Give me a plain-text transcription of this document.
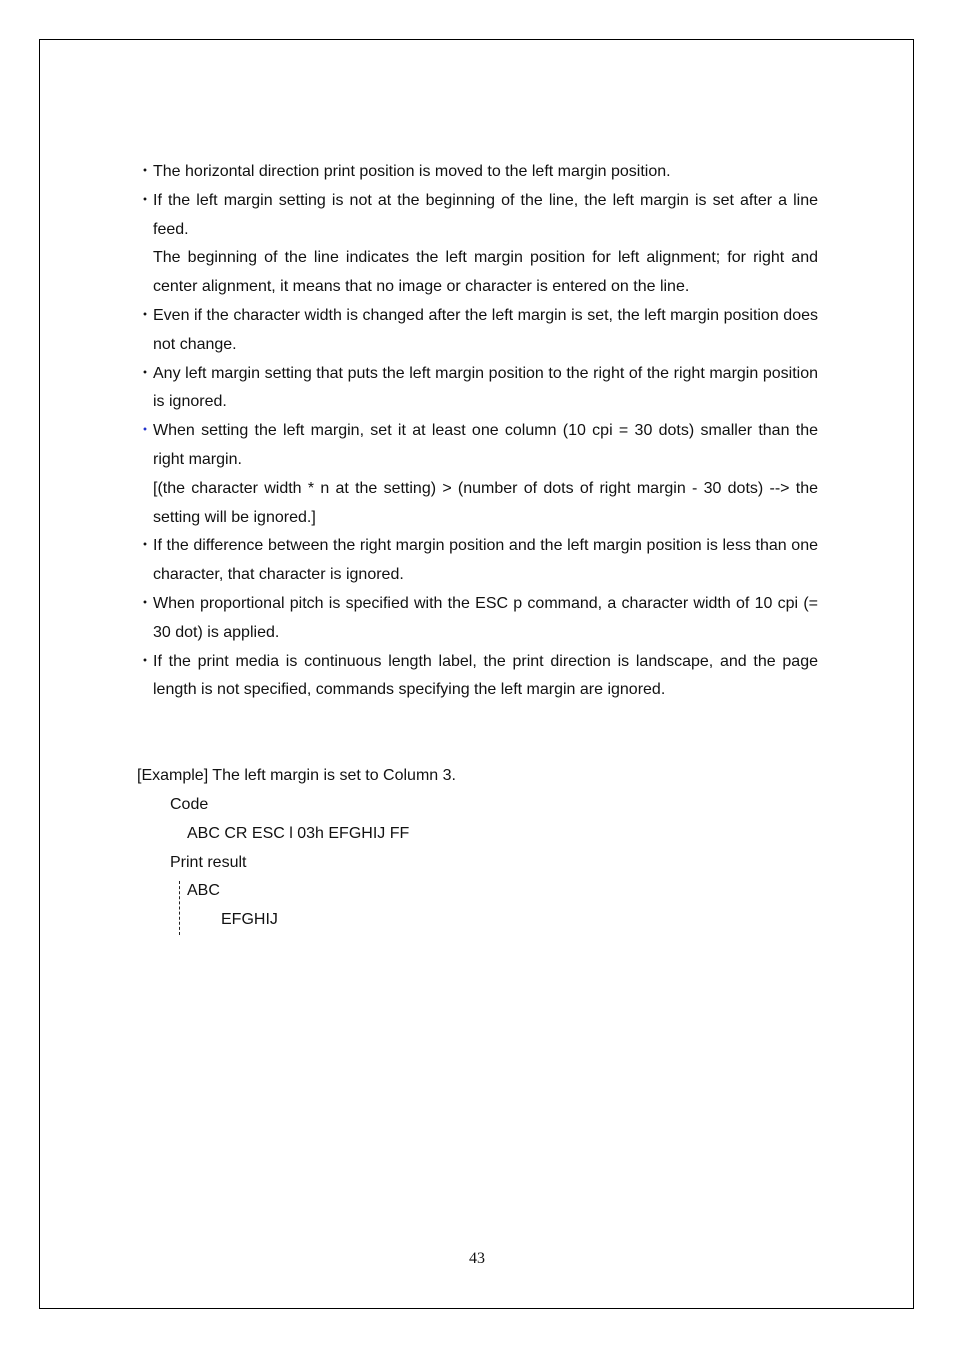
・ The horizontal direction print position is moved to the left margin position.

・ If the left margin setting is not at the beginning of the line, the left margin is set after a line feed.

The beginning of the line indicates the left margin position for left alignment; for right and center alignment, it means that no image or character is entered on the line.

・ Even if the character width is changed after the left margin is set, the left margin position does not change.

・ Any left margin setting that puts the left margin position to the right of the right margin position is ignored.

・ When setting the left margin, set it at least one column (10 cpi = 30 dots) smaller than the right margin.

[(the character width * n at the setting) > (number of dots of right margin - 30 dots) --> the setting will be ignored.]

・ If the difference between the right margin position and the left margin position is less than one character, that character is ignored.

・ When proportional pitch is specified with the ESC p command, a character width of 10 cpi (= 30 dot) is applied.

・ If the print media is continuous length label, the print direction is landscape, and the page length is not specified, commands specifying the left margin are ignored.

[Example] The left margin is set to Column 3.

Code

ABC CR ESC l 03h EFGHIJ FF

Print result

ABC

EFGHIJ

43
